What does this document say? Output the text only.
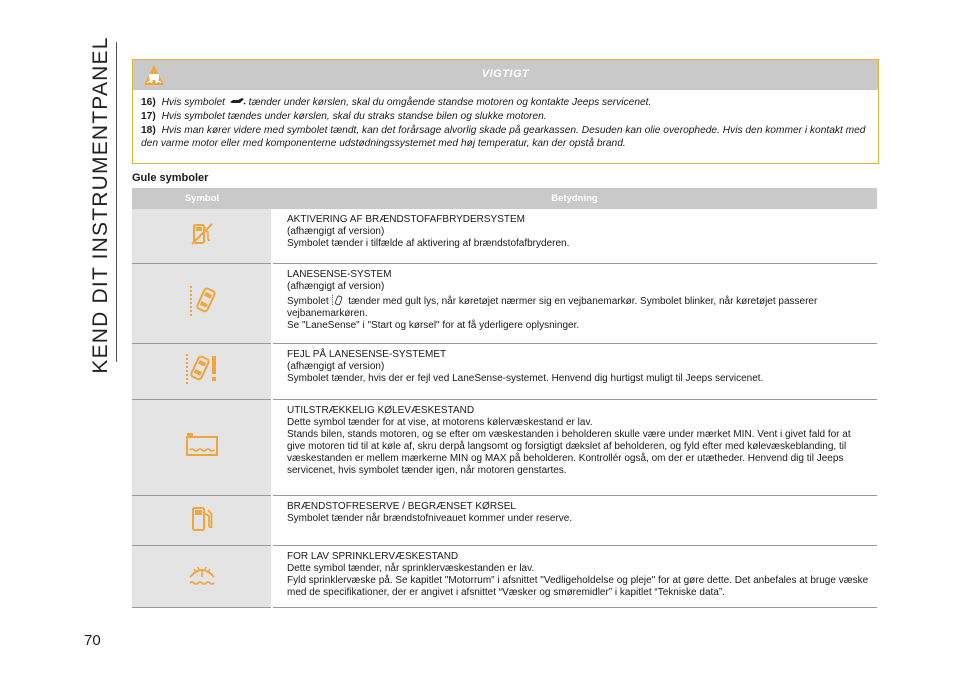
KEND DIT INSTRUMENTPANEL
70
VIGTIGT

16) Hvis symbolet tænder under kørslen, skal du omgående standse motoren og kontakte Jeeps servicenet.

17) Hvis symbolet tændes under kørslen, skal du straks standse bilen og slukke motoren.

18) Hvis man kører videre med symbolet tændt, kan det forårsage alvorlig skade på gearkassen. Desuden kan olie overophede. Hvis den kommer i kontakt med den varme motor eller med komponenterne udstødningssystemet med høj temperatur, kan der opstå brand.

Gule symboler
Symbol	Betydning

AKTIVERING AF BRÆNDSTOFAFBRYDERSYSTEM
(afhængigt af version)
Symbolet tænder i tilfælde af aktivering af brændstofafbryderen.

LANESENSE-SYSTEM
(afhængigt af version)
Symbolet tænder med gult lys, når køretøjet nærmer sig en vejbanemarkør. Symbolet blinker, når køretøjet passerer vejbanemarkøren.
Se "LaneSense" i "Start og kørsel" for at få yderligere oplysninger.

FEJL PÅ LANESENSE-SYSTEMET
(afhængigt af version)
Symbolet tænder, hvis der er fejl ved LaneSense-systemet. Henvend dig hurtigst muligt til Jeeps servicenet.

UTILSTRÆKKELIG KØLEVÆSKESTAND
Dette symbol tænder for at vise, at motorens kølervæskestand er lav.
Stands bilen, stands motoren, og se efter om væskestanden i beholderen skulle være under mærket MIN. Vent i givet fald for at give motoren tid til at køle af, skru derpå langsomt og forsigtigt dækslet af beholderen, og fyld efter med kølevæskeblanding, til væskestanden er mellem mærkerne MIN og MAX på beholderen. Kontrollér også, om der er utætheder. Henvend dig til Jeeps servicenet, hvis symbolet tænder igen, når motoren genstartes.

BRÆNDSTOFRESERVE / BEGRÆNSET KØRSEL
Symbolet tænder når brændstofniveauet kommer under reserve.

FOR LAV SPRINKLERVÆSKESTAND
Dette symbol tænder, når sprinklervæskestanden er lav.
Fyld sprinklervæske på. Se kapitlet "Motorrum" i afsnittet "Vedligeholdelse og pleje" for at gøre dette. Det anbefales at bruge væske med de specifikationer, der er angivet i afsnittet “Væsker og smøremidler” i kapitlet “Tekniske data”.
